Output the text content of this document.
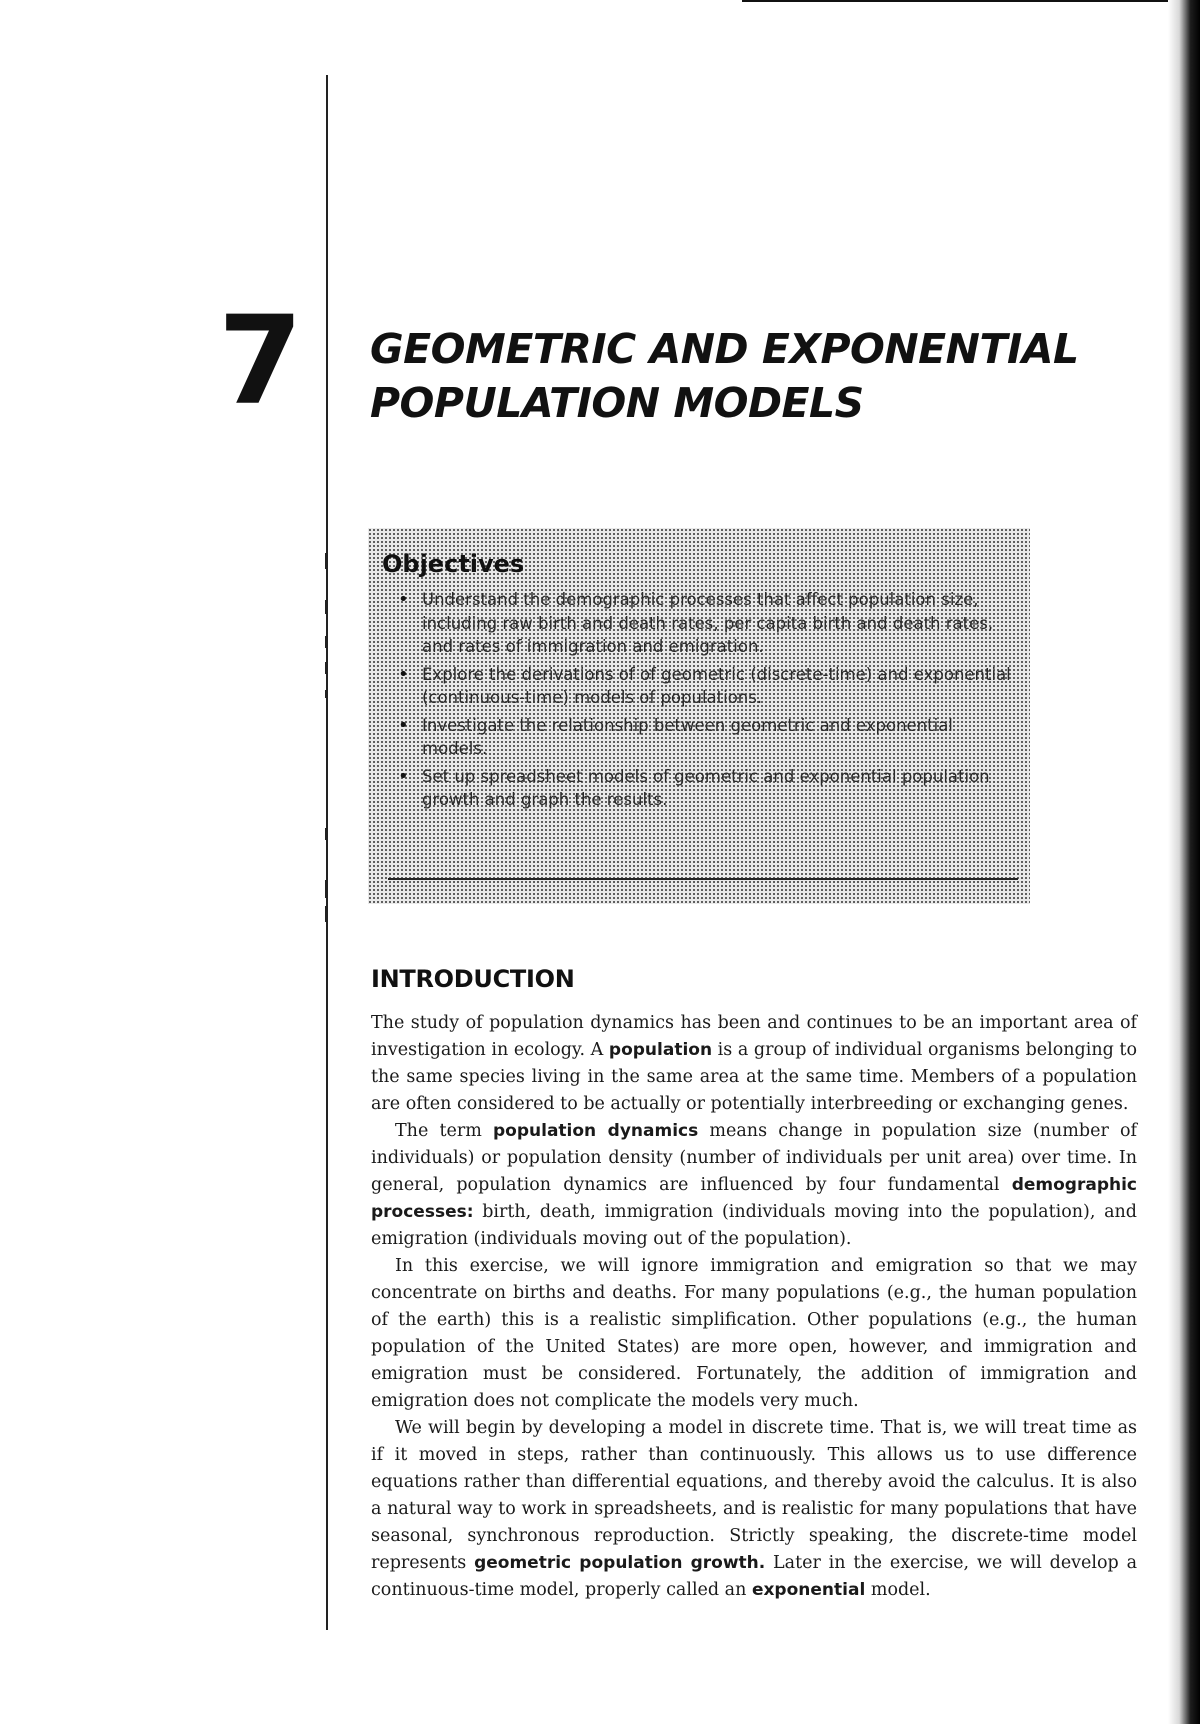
7 GEOMETRIC AND EXPONENTIAL
POPULATION MODELS
Objectives
• Understand the demographic processes that affect population size, including raw birth and death rates, per capita birth and death rates, and rates of immigration and emigration.
• Explore the derivations of of geometric (discrete-time) and exponential (continuous-time) models of populations.
• Investigate the relationship between geometric and exponential models.
• Set up spreadsheet models of geometric and exponential population growth and graph the results.
INTRODUCTION

The study of population dynamics has been and continues to be an important area of investigation in ecology. A population is a group of individual organisms belonging to the same species living in the same area at the same time. Members of a population are often considered to be actually or potentially interbreeding or exchanging genes.

The term population dynamics means change in population size (number of individuals) or population density (number of individuals per unit area) over time. In general, population dynamics are influenced by four fundamental demographic processes: birth, death, immigration (individuals moving into the population), and emigration (individuals moving out of the population).

In this exercise, we will ignore immigration and emigration so that we may concentrate on births and deaths. For many populations (e.g., the human population of the earth) this is a realistic simplification. Other populations (e.g., the human population of the United States) are more open, however, and immigration and emigration must be considered. Fortunately, the addition of immigration and emigration does not complicate the models very much.

We will begin by developing a model in discrete time. That is, we will treat time as if it moved in steps, rather than continuously. This allows us to use difference equations rather than differential equations, and thereby avoid the calculus. It is also a natural way to work in spreadsheets, and is realistic for many populations that have seasonal, synchronous reproduction. Strictly speaking, the discrete-time model represents geometric population growth. Later in the exercise, we will develop a continuous-time model, properly called an exponential model.
